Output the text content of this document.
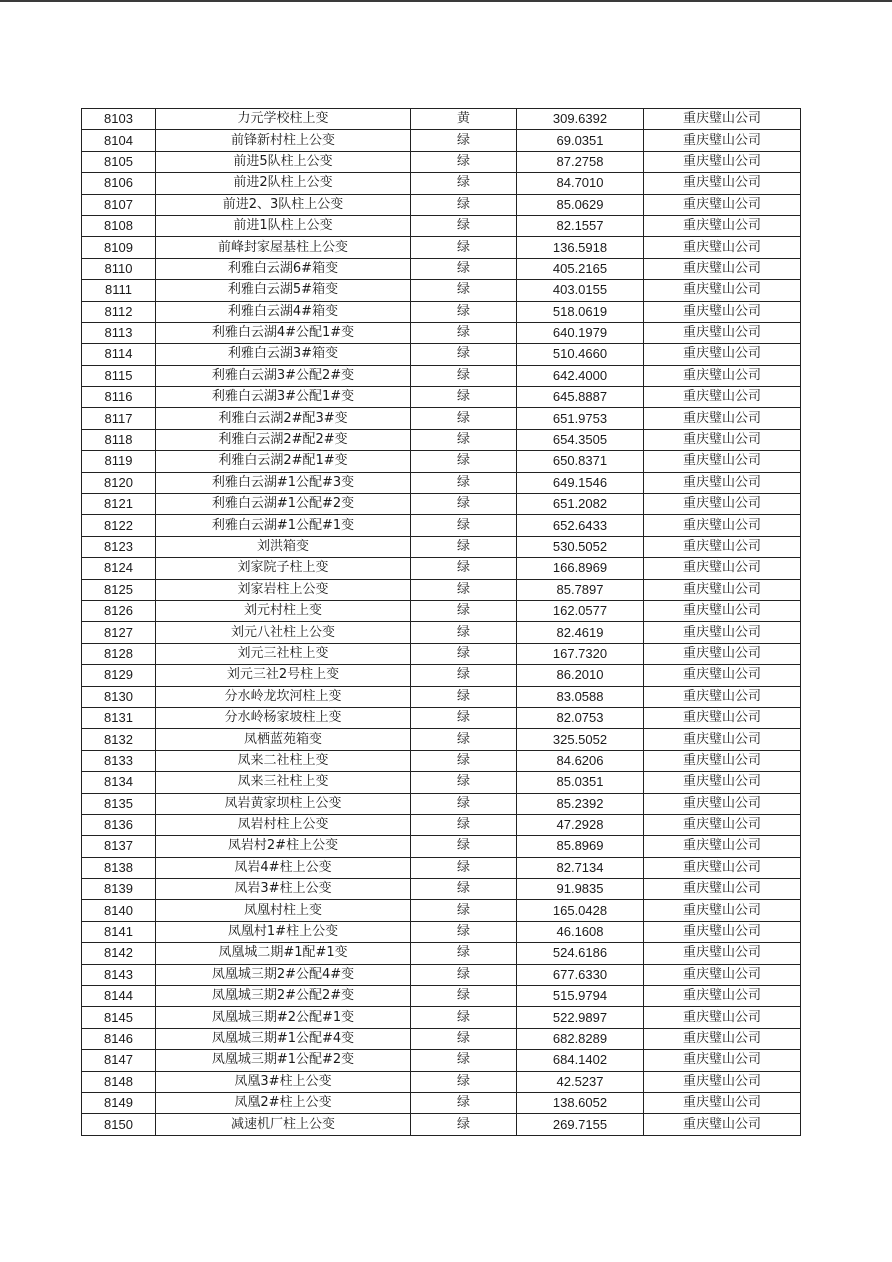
8103	力元学校柱上变	黄	309.6392	重庆璧山公司
8104	前锋新村柱上公变	绿	69.0351	重庆璧山公司
8105	前进5队柱上公变	绿	87.2758	重庆璧山公司
8106	前进2队柱上公变	绿	84.7010	重庆璧山公司
8107	前进2、3队柱上公变	绿	85.0629	重庆璧山公司
8108	前进1队柱上公变	绿	82.1557	重庆璧山公司
8109	前峰封家屋基柱上公变	绿	136.5918	重庆璧山公司
8110	利雅白云湖6#箱变	绿	405.2165	重庆璧山公司
8111	利雅白云湖5#箱变	绿	403.0155	重庆璧山公司
8112	利雅白云湖4#箱变	绿	518.0619	重庆璧山公司
8113	利雅白云湖4#公配1#变	绿	640.1979	重庆璧山公司
8114	利雅白云湖3#箱变	绿	510.4660	重庆璧山公司
8115	利雅白云湖3#公配2#变	绿	642.4000	重庆璧山公司
8116	利雅白云湖3#公配1#变	绿	645.8887	重庆璧山公司
8117	利雅白云湖2#配3#变	绿	651.9753	重庆璧山公司
8118	利雅白云湖2#配2#变	绿	654.3505	重庆璧山公司
8119	利雅白云湖2#配1#变	绿	650.8371	重庆璧山公司
8120	利雅白云湖#1公配#3变	绿	649.1546	重庆璧山公司
8121	利雅白云湖#1公配#2变	绿	651.2082	重庆璧山公司
8122	利雅白云湖#1公配#1变	绿	652.6433	重庆璧山公司
8123	刘洪箱变	绿	530.5052	重庆璧山公司
8124	刘家院子柱上变	绿	166.8969	重庆璧山公司
8125	刘家岩柱上公变	绿	85.7897	重庆璧山公司
8126	刘元村柱上变	绿	162.0577	重庆璧山公司
8127	刘元八社柱上公变	绿	82.4619	重庆璧山公司
8128	刘元三社柱上变	绿	167.7320	重庆璧山公司
8129	刘元三社2号柱上变	绿	86.2010	重庆璧山公司
8130	分水岭龙坎河柱上变	绿	83.0588	重庆璧山公司
8131	分水岭杨家坡柱上变	绿	82.0753	重庆璧山公司
8132	凤栖蓝苑箱变	绿	325.5052	重庆璧山公司
8133	凤来二社柱上变	绿	84.6206	重庆璧山公司
8134	凤来三社柱上变	绿	85.0351	重庆璧山公司
8135	凤岩黄家坝柱上公变	绿	85.2392	重庆璧山公司
8136	凤岩村柱上公变	绿	47.2928	重庆璧山公司
8137	凤岩村2#柱上公变	绿	85.8969	重庆璧山公司
8138	凤岩4#柱上公变	绿	82.7134	重庆璧山公司
8139	凤岩3#柱上公变	绿	91.9835	重庆璧山公司
8140	凤凰村柱上变	绿	165.0428	重庆璧山公司
8141	凤凰村1#柱上公变	绿	46.1608	重庆璧山公司
8142	凤凰城二期#1配#1变	绿	524.6186	重庆璧山公司
8143	凤凰城三期2#公配4#变	绿	677.6330	重庆璧山公司
8144	凤凰城三期2#公配2#变	绿	515.9794	重庆璧山公司
8145	凤凰城三期#2公配#1变	绿	522.9897	重庆璧山公司
8146	凤凰城三期#1公配#4变	绿	682.8289	重庆璧山公司
8147	凤凰城三期#1公配#2变	绿	684.1402	重庆璧山公司
8148	凤凰3#柱上公变	绿	42.5237	重庆璧山公司
8149	凤凰2#柱上公变	绿	138.6052	重庆璧山公司
8150	减速机厂柱上公变	绿	269.7155	重庆璧山公司
